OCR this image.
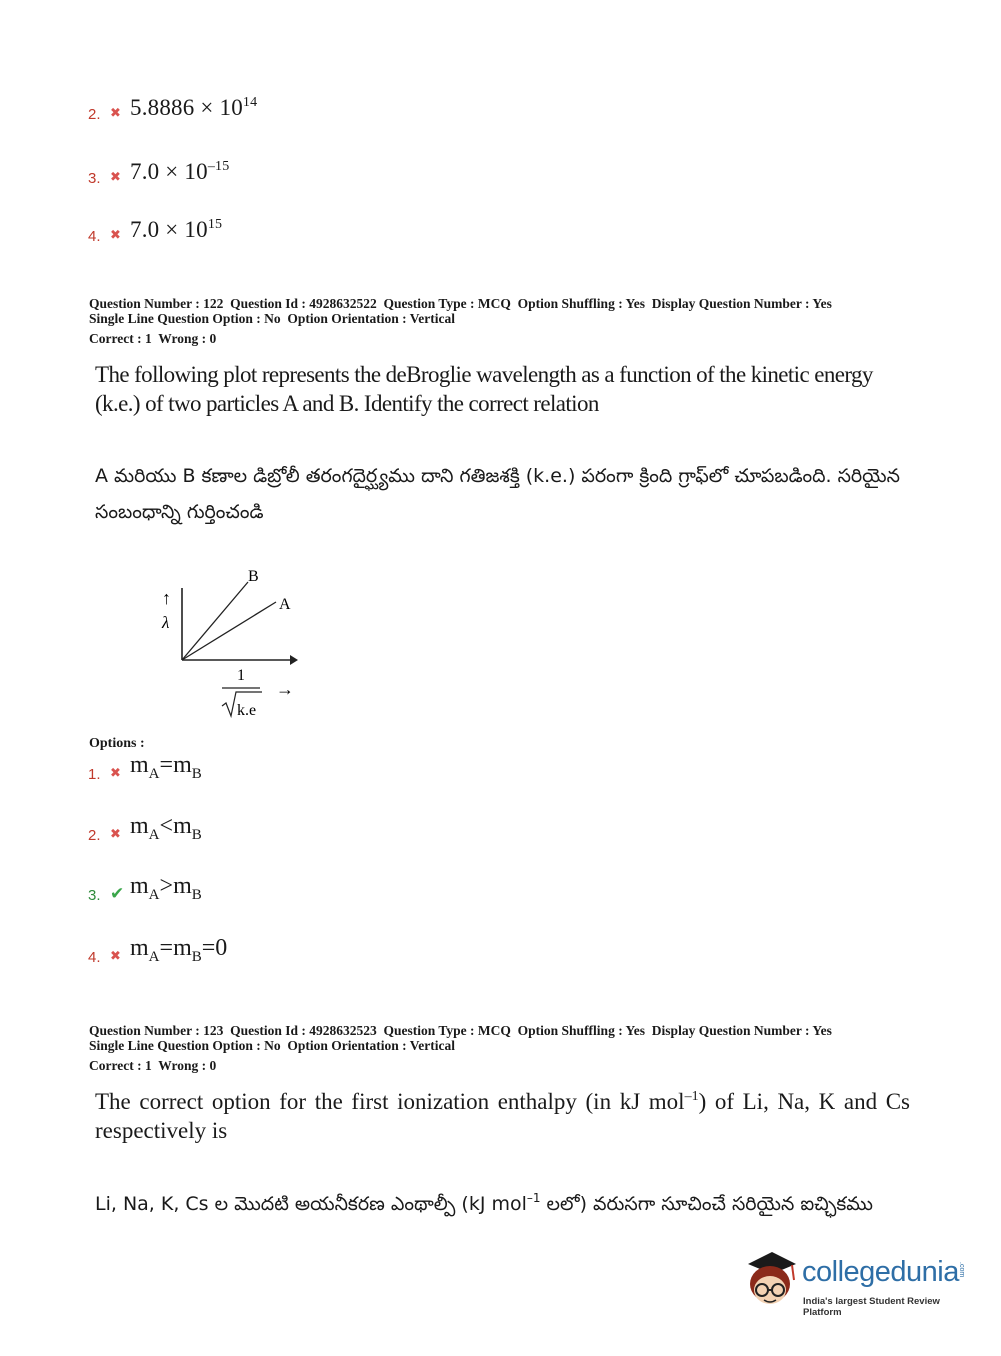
2. ✖ $5.8886 \times 10^{14}$
3. ✖ $7.0 \times 10^{-15}$
4. ✖ $7.0 \times 10^{15}$
Question Number : 122  Question Id : 4928632522  Question Type : MCQ  Option Shuffling : Yes  Display Question Number : Yes
Single Line Question Option : No  Option Orientation : Vertical
Correct : 1  Wrong : 0
The following plot represents the deBroglie wavelength as a function of the kinetic energy (k.e.) of two particles A and B. Identify the correct relation
A మరియు B కణాల డిబ్రోలీ తరంగదైర్ఘ్యము దాని గతిజశక్తి (k.e.) పరంగా క్రింది గ్రాఫ్‌లో చూపబడింది. సరియైన సంబంధాన్ని గుర్తించండి
↑
λ
B
A
1
k.e
→
Options :
1. ✖ $m_A=m_B$
2. ✖ $m_A<m_B$
3. ✔ $m_A>m_B$
4. ✖ $m_A=m_B=0$
Question Number : 123  Question Id : 4928632523  Question Type : MCQ  Option Shuffling : Yes  Display Question Number : Yes
Single Line Question Option : No  Option Orientation : Vertical
Correct : 1  Wrong : 0
The correct option for the first ionization enthalpy (in kJ mol$^{-1}$) of Li, Na, K and Cs respectively is
Li, Na, K, Cs ల మొదటి అయనీకరణ ఎంథాల్పీ (kJ mol$^{-1}$ లలో) వరుసగా సూచించే సరియైన ఐచ్ఛికము
collegedunia .com
India's largest Student Review Platform
